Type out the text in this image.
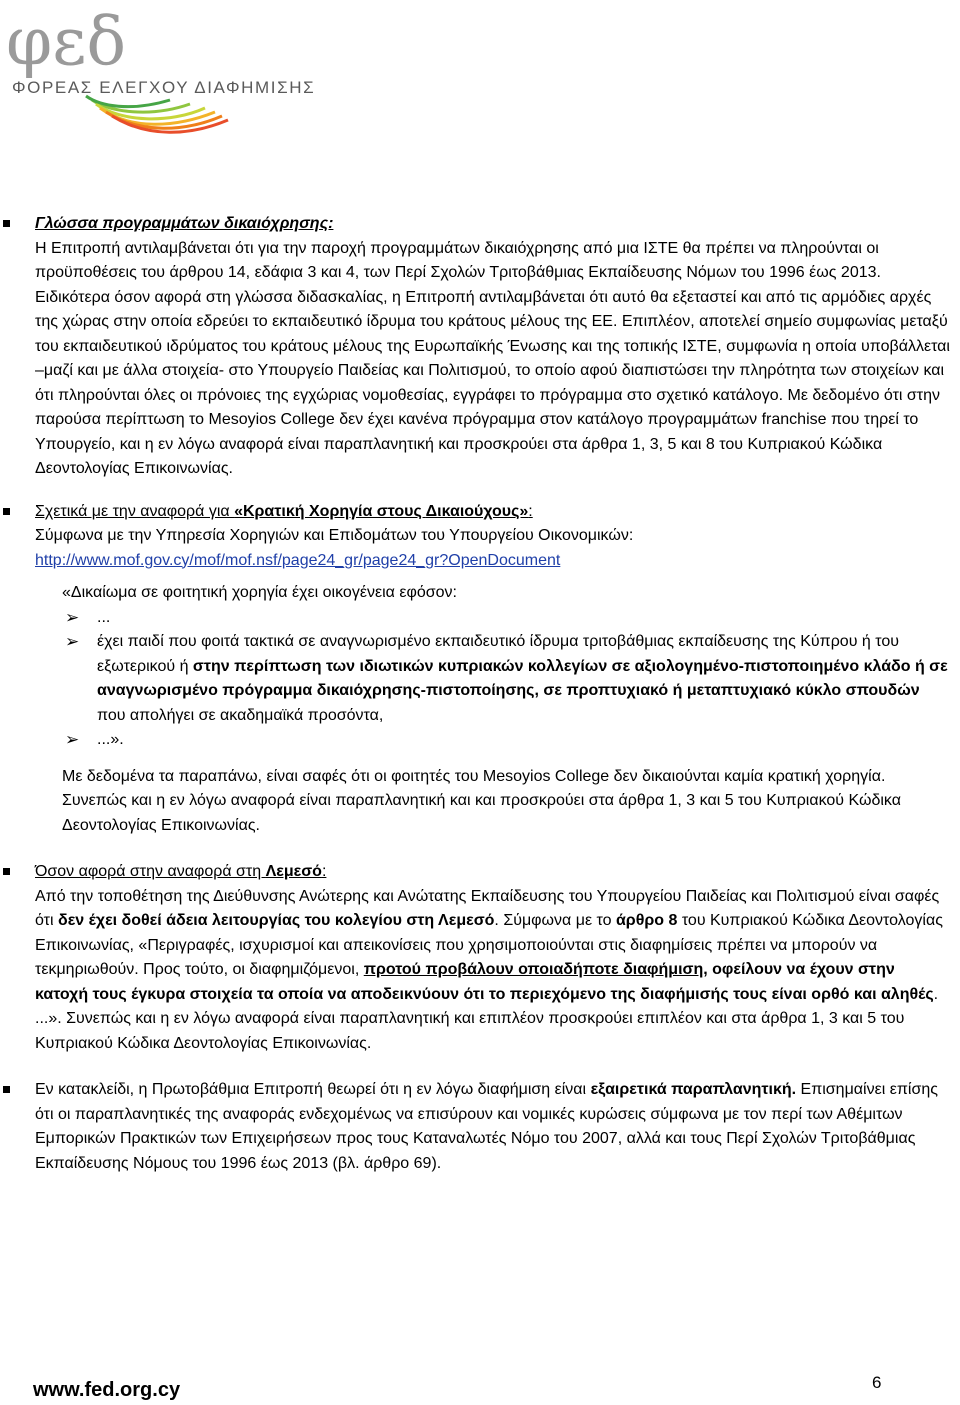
φεδ
ΦΟΡΕΑΣ ΕΛΕΓΧΟΥ ΔΙΑΦΗΜΙΣΗΣ

Γλώσσα προγραμμάτων δικαιόχρησης:

Η Επιτροπή αντιλαμβάνεται ότι για την παροχή προγραμμάτων δικαιόχρησης από μια ΙΣΤΕ θα πρέπει να πληρούνται οι προϋποθέσεις του άρθρου 14, εδάφια 3 και 4, των Περί Σχολών Τριτοβάθμιας Εκπαίδευσης Νόμων του 1996 έως 2013. Ειδικότερα όσον αφορά στη γλώσσα διδασκαλίας, η Επιτροπή αντιλαμβάνεται ότι αυτό θα εξεταστεί και από τις αρμόδιες αρχές της χώρας στην οποία εδρεύει το εκπαιδευτικό ίδρυμα του κράτους μέλους της ΕΕ. Επιπλέον, αποτελεί σημείο συμφωνίας μεταξύ του εκπαιδευτικού ιδρύματος του κράτους μέλους της Ευρωπαϊκής Ένωσης και της τοπικής ΙΣΤΕ, συμφωνία η οποία υποβάλλεται –μαζί και με άλλα στοιχεία- στο Υπουργείο Παιδείας και Πολιτισμού, το οποίο αφού διαπιστώσει την πληρότητα των στοιχείων και ότι πληρούνται όλες οι πρόνοιες της εγχώριας νομοθεσίας, εγγράφει το πρόγραμμα στο σχετικό κατάλογο. Με δεδομένο ότι στην παρούσα περίπτωση το Mesoyios College δεν έχει κανένα πρόγραμμα στον κατάλογο προγραμμάτων franchise που τηρεί το Υπουργείο, και η εν λόγω αναφορά είναι παραπλανητική και προσκρούει στα άρθρα 1, 3, 5 και 8 του Κυπριακού Κώδικα Δεοντολογίας Επικοινωνίας.

Σχετικά με την αναφορά για «Κρατική Χορηγία στους Δικαιούχους»:

Σύμφωνα με την Υπηρεσία Χορηγιών και Επιδομάτων του Υπουργείου Οικονομικών:

http://www.mof.gov.cy/mof/mof.nsf/page24_gr/page24_gr?OpenDocument

«Δικαίωμα σε φοιτητική χορηγία έχει οικογένεια εφόσον:

➢ ...
➢ έχει παιδί που φοιτά τακτικά σε αναγνωρισμένο εκπαιδευτικό ίδρυμα τριτοβάθμιας εκπαίδευσης της Κύπρου ή του εξωτερικού ή στην περίπτωση των ιδιωτικών κυπριακών κολλεγίων σε αξιολογημένο-πιστοποιημένο κλάδο ή σε αναγνωρισμένο πρόγραμμα δικαιόχρησης-πιστοποίησης, σε προπτυχιακό ή μεταπτυχιακό κύκλο σπουδών που απολήγει σε ακαδημαϊκά προσόντα,
➢ ...».

Με δεδομένα τα παραπάνω, είναι σαφές ότι οι φοιτητές του Mesoyios College δεν δικαιούνται καμία κρατική χορηγία. Συνεπώς και η εν λόγω αναφορά είναι παραπλανητική και και προσκρούει στα άρθρα 1, 3 και 5 του Κυπριακού Κώδικα Δεοντολογίας Επικοινωνίας.

Όσον αφορά στην αναφορά στη Λεμεσό:

Από την τοποθέτηση της Διεύθυνσης Ανώτερης και Ανώτατης Εκπαίδευσης του Υπουργείου Παιδείας και Πολιτισμού είναι σαφές ότι δεν έχει δοθεί άδεια λειτουργίας του κολεγίου στη Λεμεσό. Σύμφωνα με το άρθρο 8 του Κυπριακού Κώδικα Δεοντολογίας Επικοινωνίας, «Περιγραφές, ισχυρισμοί και απεικονίσεις που χρησιμοποιούνται στις διαφημίσεις πρέπει να μπορούν να τεκμηριωθούν. Προς τούτο, οι διαφημιζόμενοι, προτού προβάλουν οποιαδήποτε διαφήμιση, οφείλουν να έχουν στην κατοχή τους έγκυρα στοιχεία τα οποία να αποδεικνύουν ότι το περιεχόμενο της διαφήμισής τους είναι ορθό και αληθές. ...». Συνεπώς και η εν λόγω αναφορά είναι παραπλανητική και επιπλέον προσκρούει επιπλέον και στα άρθρα 1, 3 και 5 του Κυπριακού Κώδικα Δεοντολογίας Επικοινωνίας.

Εν κατακλείδι, η Πρωτοβάθμια Επιτροπή θεωρεί ότι η εν λόγω διαφήμιση είναι εξαιρετικά παραπλανητική. Επισημαίνει επίσης ότι οι παραπλανητικές της αναφοράς ενδεχομένως να επισύρουν και νομικές κυρώσεις σύμφωνα με τον περί των Αθέμιτων Εμπορικών Πρακτικών των Επιχειρήσεων προς τους Καταναλωτές Νόμο του 2007, αλλά και τους Περί Σχολών Τριτοβάθμιας Εκπαίδευσης Νόμους του 1996 έως 2013 (βλ. άρθρο 69).

www.fed.org.cy	6
